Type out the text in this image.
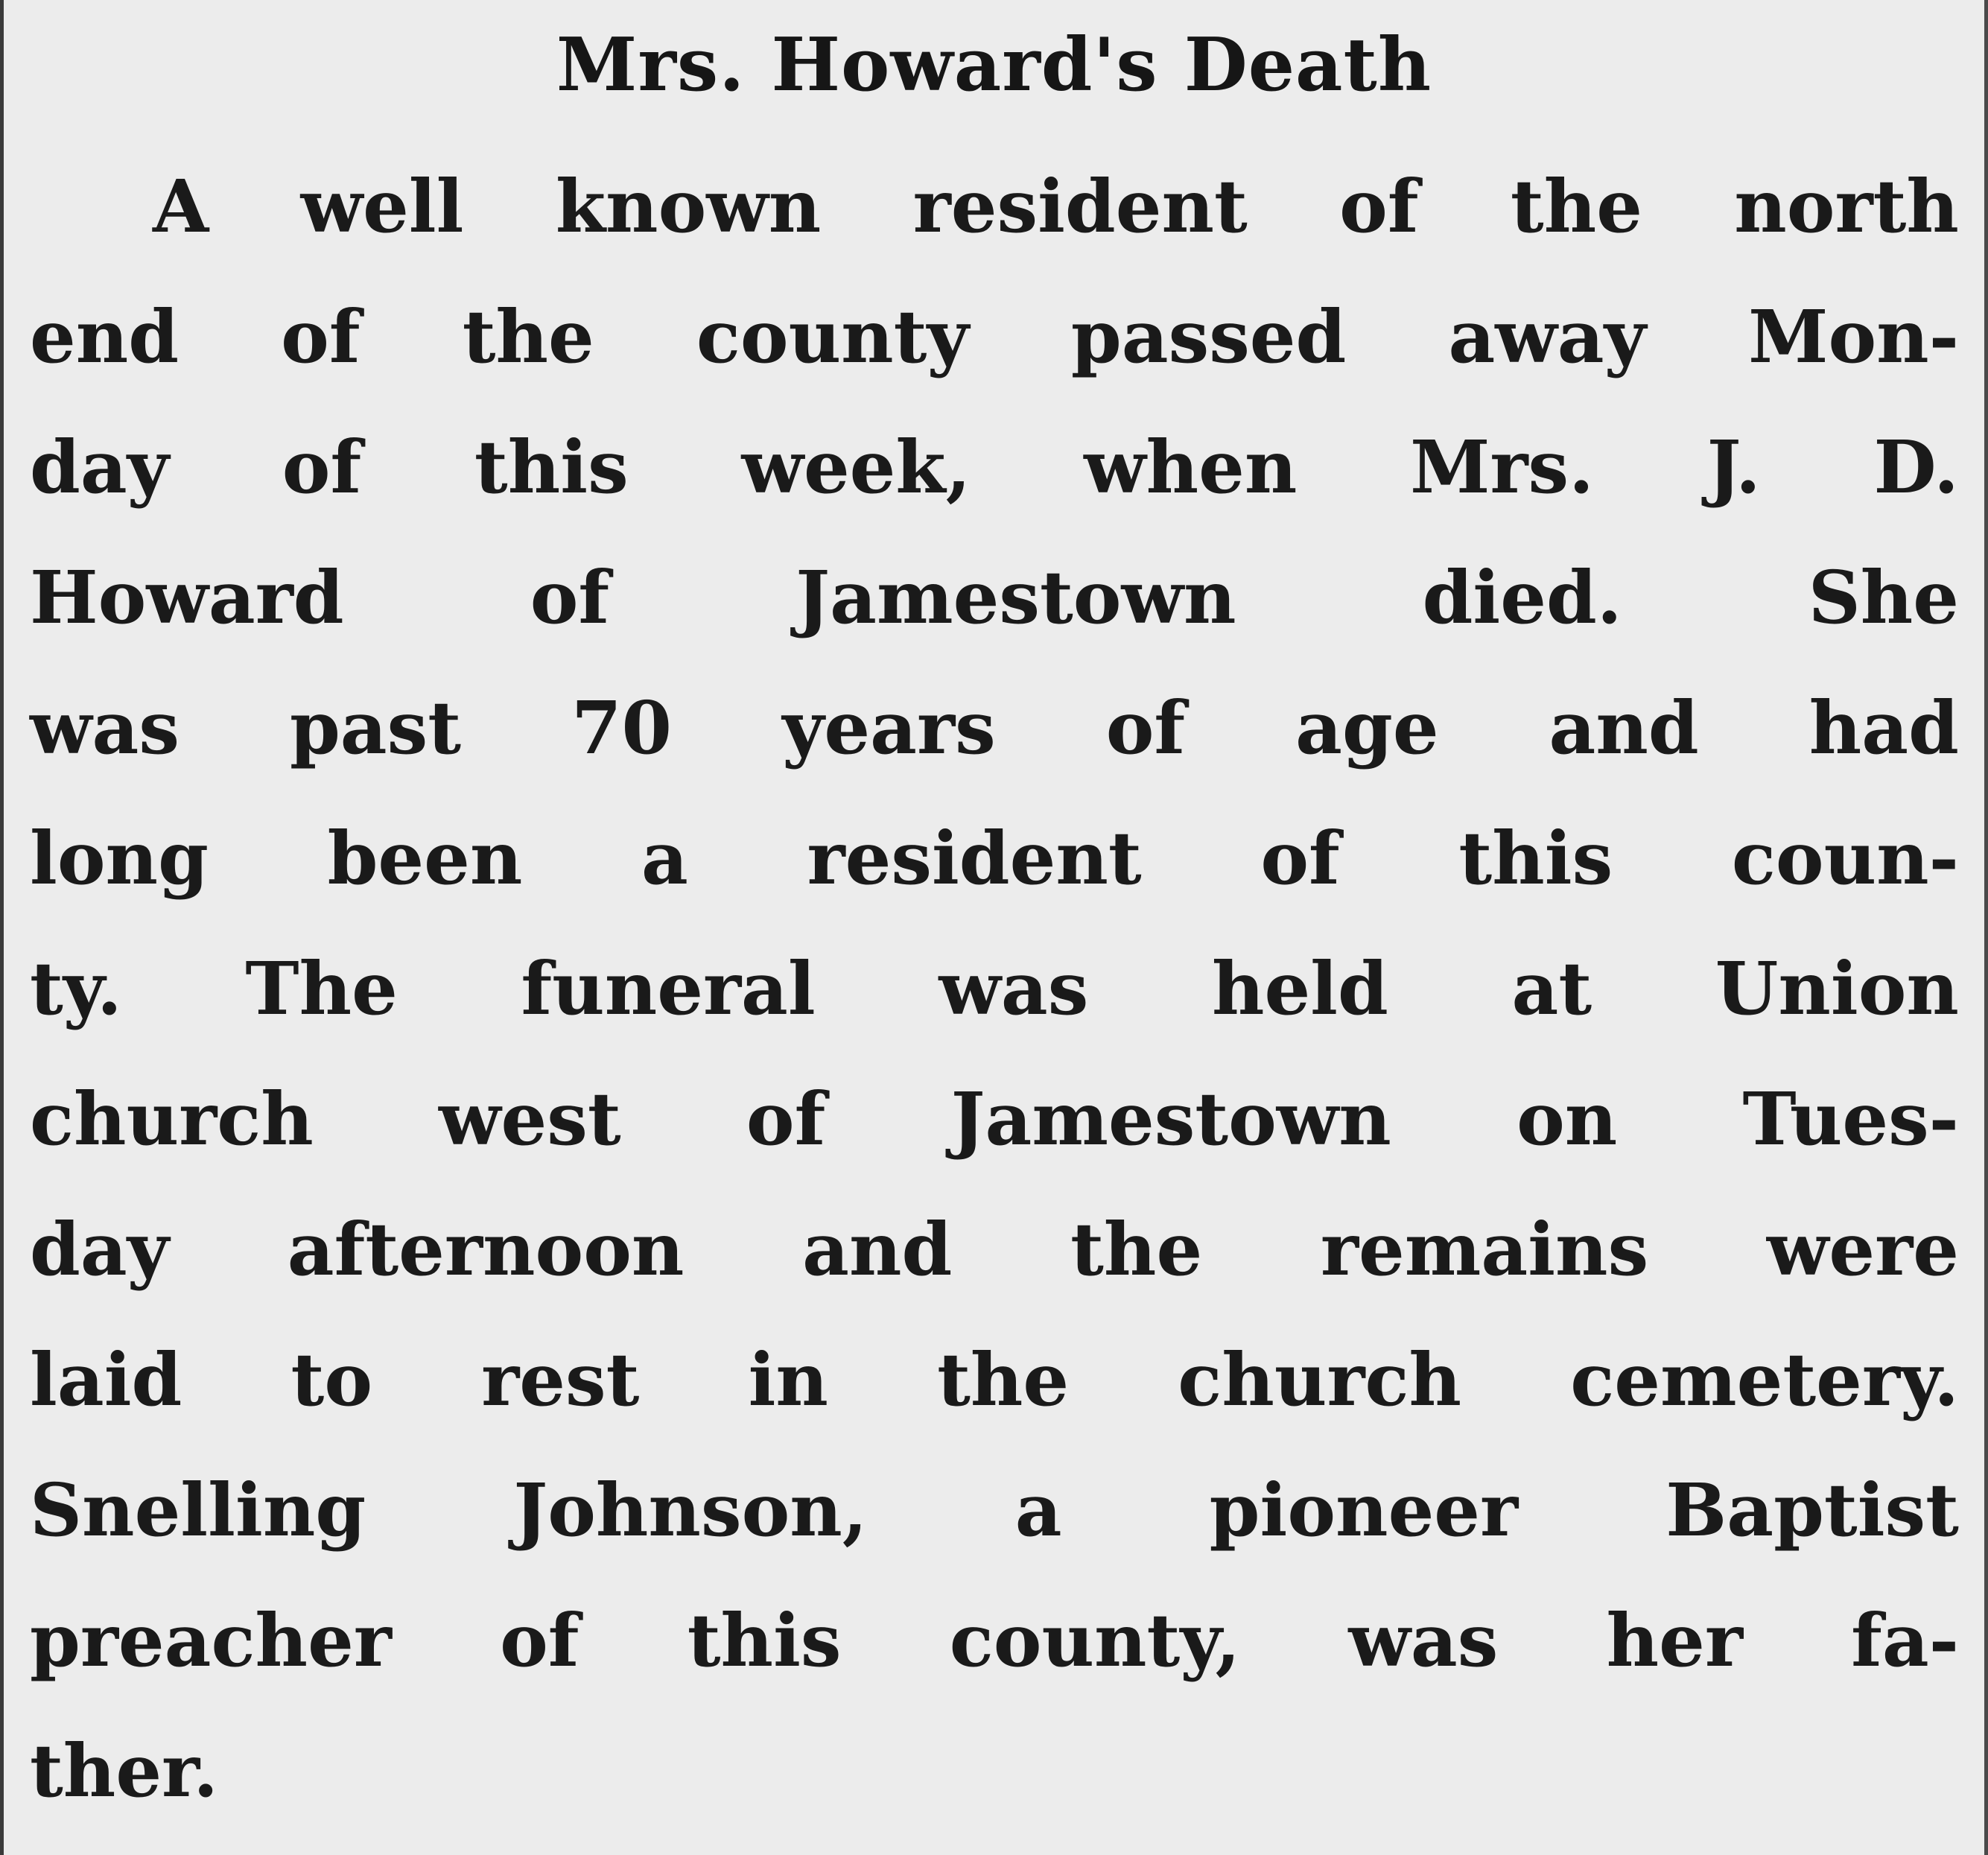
Mrs. Howard's Death
A well known resident of the north
end of the county passed away Mon-
day of this week, when Mrs. J. D.
Howard	of	Jamestown	died.	She
was past 70 years of age and had
long been a resident of this coun-
ty. The funeral was held at Union
church west of Jamestown on Tues-
day afternoon and the remains were
laid to rest in the church cemetery.
Snelling Johnson, a pioneer Baptist
preacher of this county, was her fa-
ther.
